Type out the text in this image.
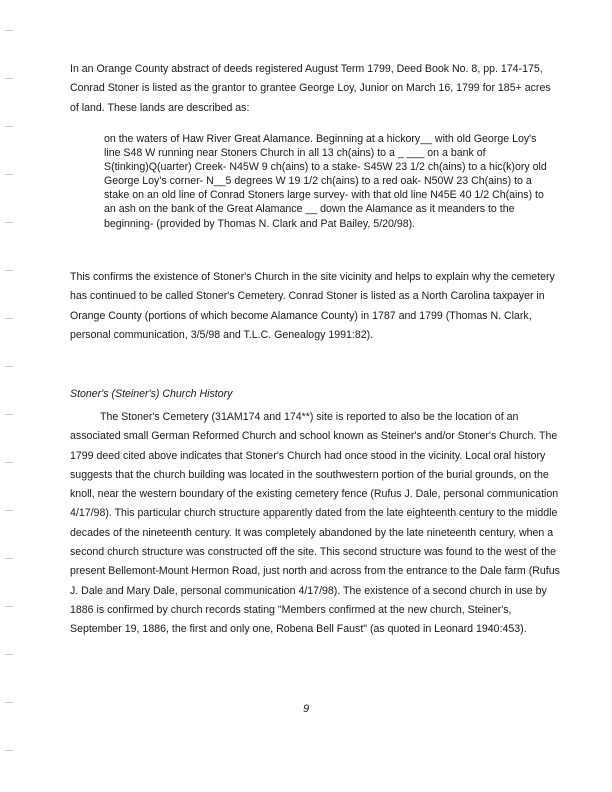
In an Orange County abstract of deeds registered August Term 1799, Deed Book No. 8, pp. 174-175, Conrad Stoner is listed as the grantor to grantee George Loy, Junior on March 16, 1799 for 185+ acres of land. These lands are described as:

on the waters of Haw River Great Alamance. Beginning at a hickory__ with old George Loy's line S48 W running near Stoners Church in all 13 ch(ains) to a _ ___ on a bank of S(tinking)Q(uarter) Creek- N45W 9 ch(ains) to a stake- S45W 23 1/2 ch(ains) to a hic(k)ory old George Loy's corner- N__5 degrees W 19 1/2 ch(ains) to a red oak- N50W 23 Ch(ains) to a stake on an old line of Conrad Stoners large survey- with that old line N45E 40 1/2 Ch(ains) to an ash on the bank of the Great Alamance __ down the Alamance as it meanders to the beginning- (provided by Thomas N. Clark and Pat Bailey, 5/20/98).

This confirms the existence of Stoner's Church in the site vicinity and helps to explain why the cemetery has continued to be called Stoner's Cemetery. Conrad Stoner is listed as a North Carolina taxpayer in Orange County (portions of which become Alamance County) in 1787 and 1799 (Thomas N. Clark, personal communication, 3/5/98 and T.L.C. Genealogy 1991:82).

Stoner's (Steiner's) Church History

The Stoner's Cemetery (31AM174 and 174**) site is reported to also be the location of an associated small German Reformed Church and school known as Steiner's and/or Stoner's Church. The 1799 deed cited above indicates that Stoner's Church had once stood in the vicinity. Local oral history suggests that the church building was located in the southwestern portion of the burial grounds, on the knoll, near the western boundary of the existing cemetery fence (Rufus J. Dale, personal communication 4/17/98). This particular church structure apparently dated from the late eighteenth century to the middle decades of the nineteenth century. It was completely abandoned by the late nineteenth century, when a second church structure was constructed off the site. This second structure was found to the west of the present Bellemont-Mount Hermon Road, just north and across from the entrance to the Dale farm (Rufus J. Dale and Mary Dale, personal communication 4/17/98). The existence of a second church in use by 1886 is confirmed by church records stating "Members confirmed at the new church, Steiner's, September 19, 1886, the first and only one, Robena Bell Faust" (as quoted in Leonard 1940:453).

9
